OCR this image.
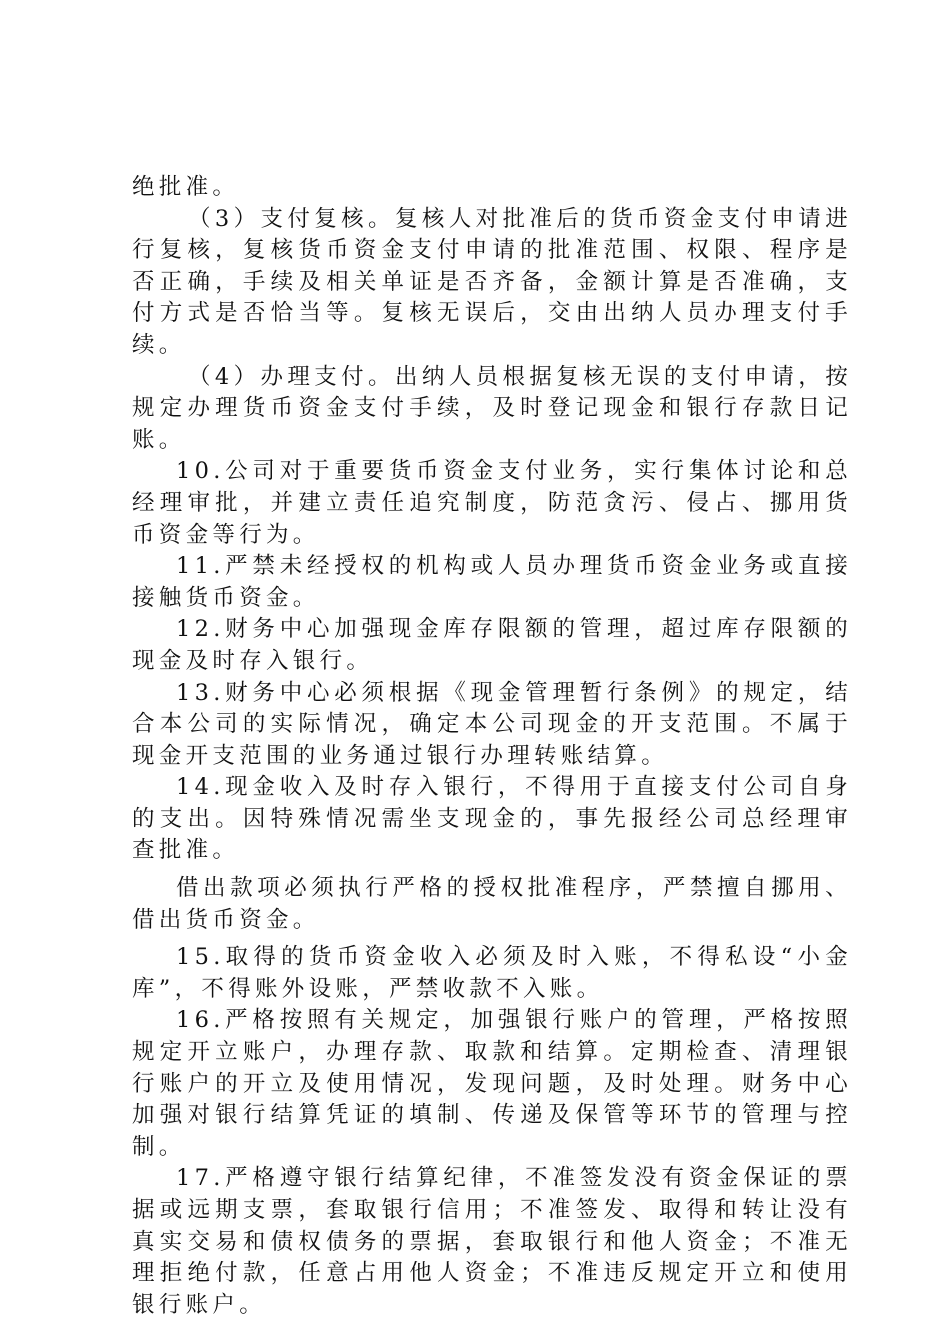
绝批准。

（3）支付复核。复核人对批准后的货币资金支付申请进行复核，复核货币资金支付申请的批准范围、权限、程序是否正确，手续及相关单证是否齐备，金额计算是否准确，支付方式是否恰当等。复核无误后，交由出纳人员办理支付手续。

（4）办理支付。出纳人员根据复核无误的支付申请，按规定办理货币资金支付手续，及时登记现金和银行存款日记账。

10.公司对于重要货币资金支付业务，实行集体讨论和总经理审批，并建立责任追究制度，防范贪污、侵占、挪用货币资金等行为。

11.严禁未经授权的机构或人员办理货币资金业务或直接接触货币资金。

12.财务中心加强现金库存限额的管理，超过库存限额的现金及时存入银行。

13.财务中心必须根据《现金管理暂行条例》的规定，结合本公司的实际情况，确定本公司现金的开支范围。不属于现金开支范围的业务通过银行办理转账结算。

14.现金收入及时存入银行，不得用于直接支付公司自身的支出。因特殊情况需坐支现金的，事先报经公司总经理审查批准。

借出款项必须执行严格的授权批准程序，严禁擅自挪用、借出货币资金。

15.取得的货币资金收入必须及时入账，不得私设“小金库”，不得账外设账，严禁收款不入账。

16.严格按照有关规定，加强银行账户的管理，严格按照规定开立账户，办理存款、取款和结算。定期检查、清理银行账户的开立及使用情况，发现问题，及时处理。财务中心加强对银行结算凭证的填制、传递及保管等环节的管理与控制。

17.严格遵守银行结算纪律，不准签发没有资金保证的票据或远期支票，套取银行信用；不准签发、取得和转让没有真实交易和债权债务的票据，套取银行和他人资金；不准无理拒绝付款，任意占用他人资金；不准违反规定开立和使用银行账户。
